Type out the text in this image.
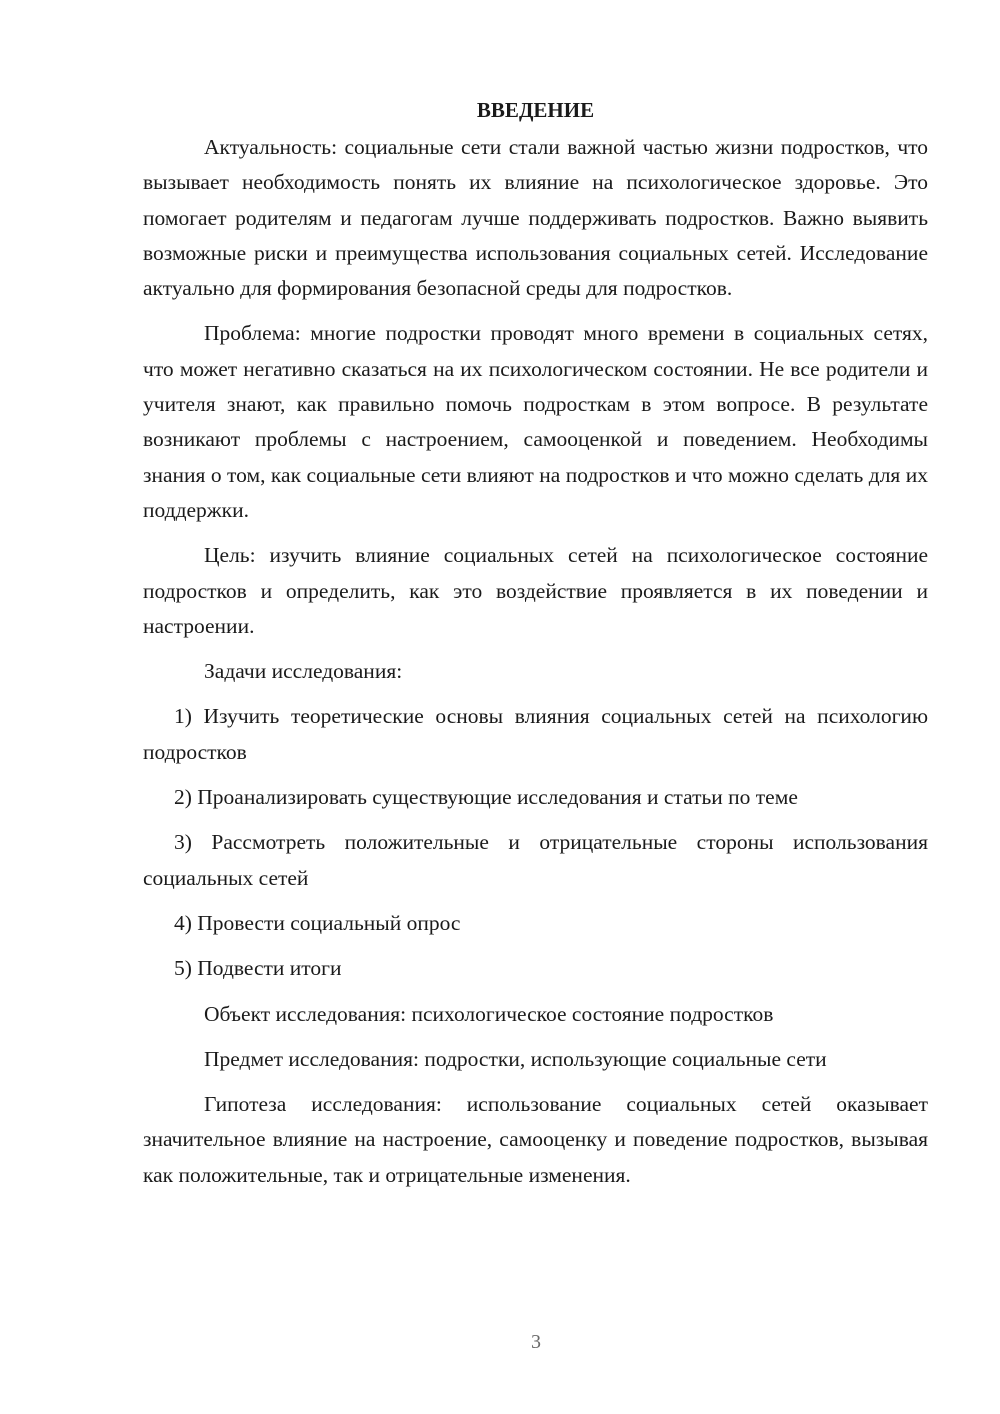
ВВЕДЕНИЕ

Актуальность: социальные сети стали важной частью жизни подростков, что вызывает необходимость понять их влияние на психологическое здоровье. Это помогает родителям и педагогам лучше поддерживать подростков. Важно выявить возможные риски и преимущества использования социальных сетей. Исследование актуально для формирования безопасной среды для подростков.

Проблема: многие подростки проводят много времени в социальных сетях, что может негативно сказаться на их психологическом состоянии. Не все родители и учителя знают, как правильно помочь подросткам в этом вопросе. В результате возникают проблемы с настроением, самооценкой и поведением. Необходимы знания о том, как социальные сети влияют на подростков и что можно сделать для их поддержки.

Цель: изучить влияние социальных сетей на психологическое состояние подростков и определить, как это воздействие проявляется в их поведении и настроении.

Задачи исследования:

1) Изучить теоретические основы влияния социальных сетей на психологию подростков

2) Проанализировать существующие исследования и статьи по теме

3) Рассмотреть положительные и отрицательные стороны использования социальных сетей

4) Провести социальный опрос

5) Подвести итоги

Объект исследования: психологическое состояние подростков

Предмет исследования: подростки, использующие социальные сети

Гипотеза исследования: использование социальных сетей оказывает значительное влияние на настроение, самооценку и поведение подростков, вызывая как положительные, так и отрицательные изменения.

3
